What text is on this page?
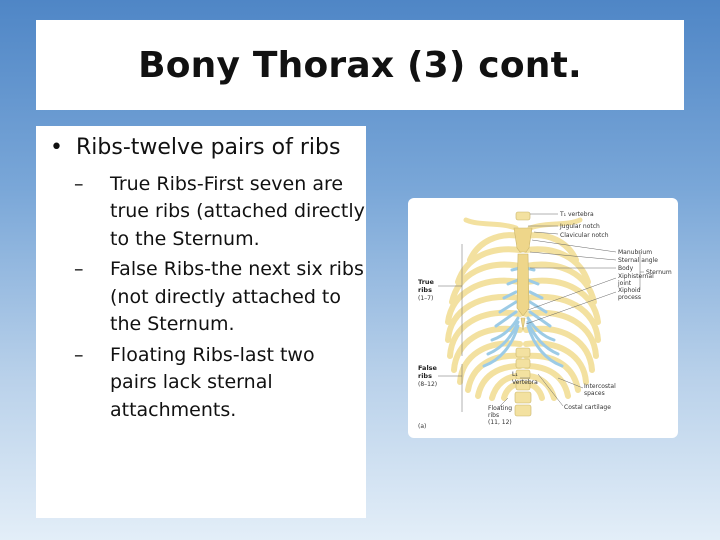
Bony Thorax (3) cont.
• Ribs-twelve pairs of ribs
– True Ribs-First seven are true ribs (attached directly to the Sternum.
– False Ribs-the next six ribs (not directly attached to the Sternum.
– Floating Ribs-last two pairs lack sternal attachments.
T₁ vertebra
Jugular notch
Clavicular notch
Manubrium
Sternal angle
Body
Xiphisternal
joint
Xiphoid
process
Sternum
True
ribs
(1–7)
False
ribs
(8–12)
L₁
Vertebra
Intercostal
spaces
Floating
ribs
(11, 12)
Costal cartilage
(a)
